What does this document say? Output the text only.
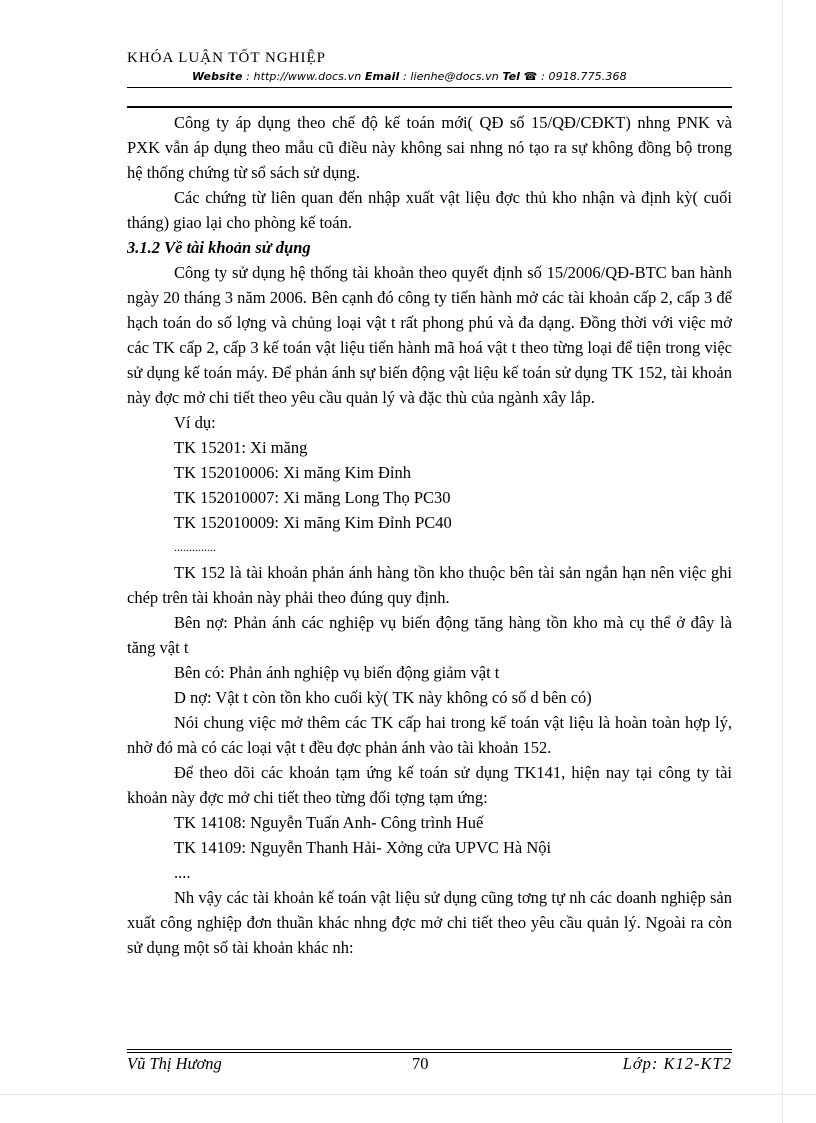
KHÓA LUẬN TỐT NGHIỆP
Website : http://www.docs.vn Email : lienhe@docs.vn Tel ☎ : 0918.775.368

Công ty áp dụng theo chế độ kế toán mới( QĐ số 15/QĐ/CĐKT) nhng PNK và PXK vẫn áp dụng theo mẫu cũ điều này không sai nhng nó tạo ra sự không đồng bộ trong hệ thống chứng từ sổ sách sử dụng.

Các chứng từ liên quan đến nhập xuất vật liệu đợc thủ kho nhận và định kỳ( cuối tháng) giao lại cho phòng kế toán.

3.1.2 Về tài khoản sử dụng

Công ty sử dụng hệ thống tài khoản theo quyết định số 15/2006/QĐ-BTC ban hành ngày 20 tháng 3 năm 2006. Bên cạnh đó công ty tiến hành mở các tài khoản cấp 2, cấp 3 để hạch toán do số lợng và chủng loại vật t rất phong phú và đa dạng. Đồng thời với việc mở các TK cấp 2, cấp 3 kế toán vật liệu tiến hành mã hoá vật t theo từng loại để tiện trong việc sử dụng kế toán máy. Để phản ánh sự biến động vật liệu kế toán sử dụng TK 152, tài khoản này đợc mở chi tiết theo yêu cầu quản lý và đặc thù của ngành xây lắp.

Ví dụ:

TK 15201: Xi măng

TK 152010006: Xi măng Kim Đỉnh

TK 152010007: Xi măng Long Thọ PC30

TK 152010009: Xi măng Kim Đỉnh PC40

..............

TK 152 là tài khoản phản ánh hàng tồn kho thuộc bên tài sản ngắn hạn nên việc ghi chép trên tài khoản này phải theo đúng quy định.

Bên nợ: Phản ánh các nghiệp vụ biến động tăng hàng tồn kho mà cụ thể ở đây là tăng vật t

Bên có: Phản ánh nghiệp vụ biến động giảm vật t

D nợ: Vật t còn tồn kho cuối kỳ( TK này không có số d bên có)

Nói chung việc mở thêm các TK cấp hai trong kế toán vật liệu là hoàn toàn hợp lý, nhờ đó mà có các loại vật t đều đợc phản ánh vào tài khoản 152.

Để theo dõi các khoản tạm ứng kế toán sử dụng TK141, hiện nay tại công ty tài khoản này đợc mở chi tiết theo từng đối tợng tạm ứng:

TK 14108: Nguyễn Tuấn Anh- Công trình Huế

TK 14109: Nguyễn Thanh Hải- Xởng cửa UPVC Hà Nội

....

Nh vậy các tài khoản kế toán vật liệu sử dụng cũng tơng tự nh các doanh nghiệp sản xuất công nghiệp đơn thuần khác nhng đợc mở chi tiết theo yêu cầu quản lý. Ngoài ra còn sử dụng một số tài khoản khác nh:

Vũ Thị Hương	70	Lớp: K12-KT2
